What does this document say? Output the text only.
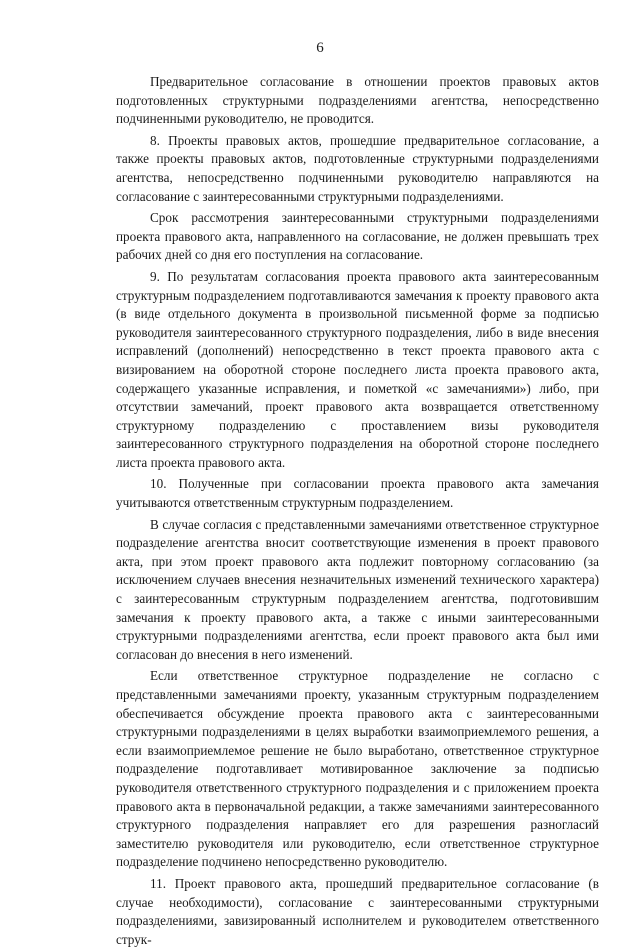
6

Предварительное согласование в отношении проектов правовых актов подготовленных структурными подразделениями агентства, непосредственно подчиненными руководителю, не проводится.

8. Проекты правовых актов, прошедшие предварительное согласование, а также проекты правовых актов, подготовленные структурными подразделениями агентства, непосредственно подчиненными руководителю направляются на согласование с заинтересованными структурными подразделениями.

Срок рассмотрения заинтересованными структурными подразделениями проекта правового акта, направленного на согласование, не должен превышать трех рабочих дней со дня его поступления на согласование.

9. По результатам согласования проекта правового акта заинтересованным структурным подразделением подготавливаются замечания к проекту правового акта (в виде отдельного документа в произвольной письменной форме за подписью руководителя заинтересованного структурного подразделения, либо в виде внесения исправлений (дополнений) непосредственно в текст проекта правового акта с визированием на оборотной стороне последнего листа проекта правового акта, содержащего указанные исправления, и пометкой «с замечаниями») либо, при отсутствии замечаний, проект правового акта возвращается ответственному структурному подразделению с проставлением визы руководителя заинтересованного структурного подразделения на оборотной стороне последнего листа проекта правового акта.

10. Полученные при согласовании проекта правового акта замечания учитываются ответственным структурным подразделением.

В случае согласия с представленными замечаниями ответственное структурное подразделение агентства вносит соответствующие изменения в проект правового акта, при этом проект правового акта подлежит повторному согласованию (за исключением случаев внесения незначительных изменений технического характера) с заинтересованным структурным подразделением агентства, подготовившим замечания к проекту правового акта, а также с иными заинтересованными структурными подразделениями агентства, если проект правового акта был ими согласован до внесения в него изменений.

Если ответственное структурное подразделение не согласно с представленными замечаниями проекту, указанным структурным подразделением обеспечивается обсуждение проекта правового акта с заинтересованными структурными подразделениями в целях выработки взаимоприемлемого решения, а если взаимоприемлемое решение не было выработано, ответственное структурное подразделение подготавливает мотивированное заключение за подписью руководителя ответственного структурного подразделения и с приложением проекта правового акта в первоначальной редакции, а также замечаниями заинтересованного структурного подразделения направляет его для разрешения разногласий заместителю руководителя или руководителю, если ответственное структурное подразделение подчинено непосредственно руководителю.

11. Проект правового акта, прошедший предварительное согласование (в случае необходимости), согласование с заинтересованными структурными подразделениями, завизированный исполнителем и руководителем ответственного струк-
